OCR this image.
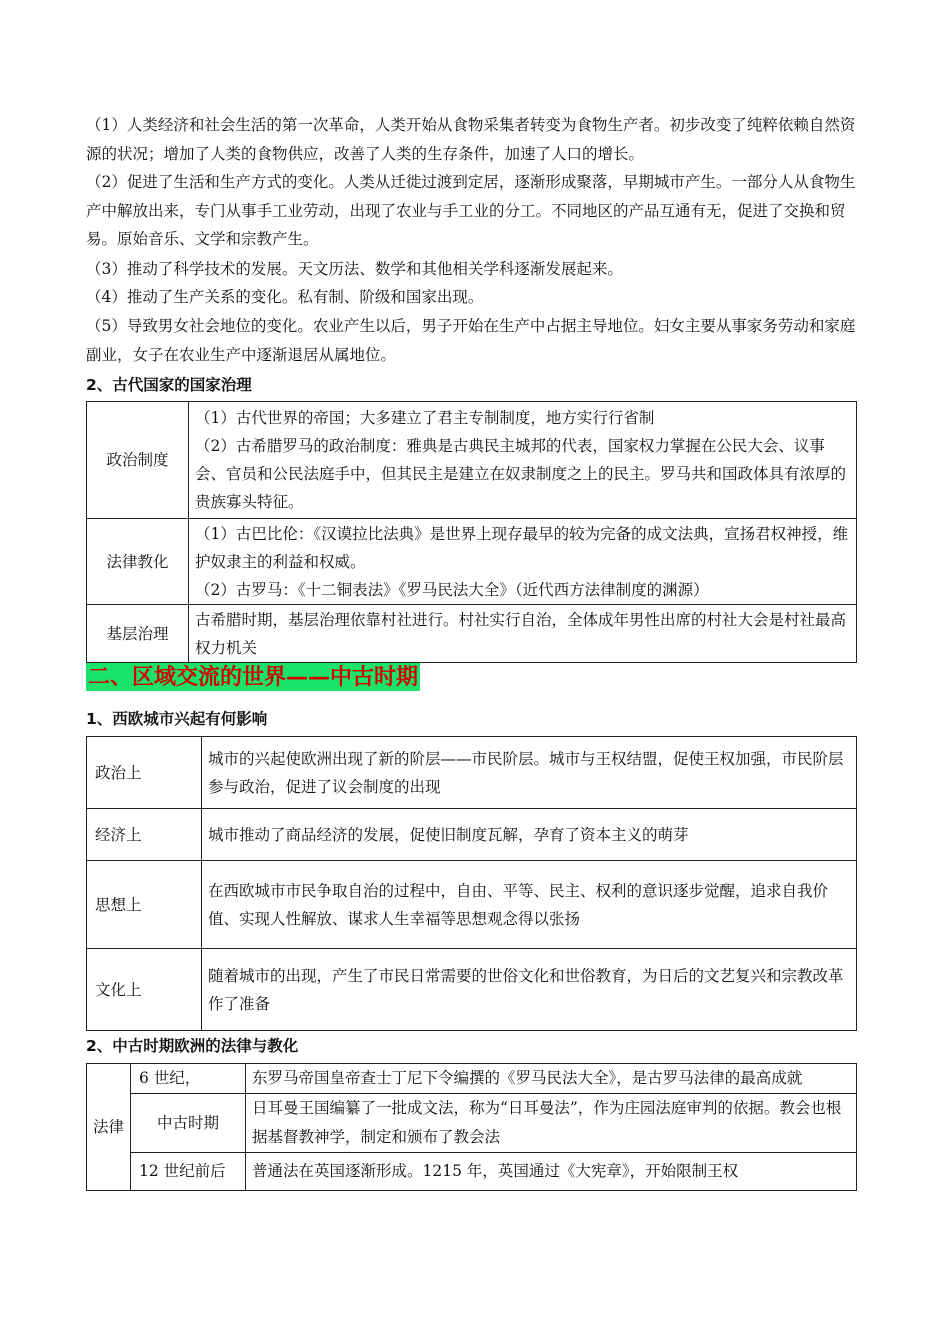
（1）人类经济和社会生活的第一次革命，人类开始从食物采集者转变为食物生产者。初步改变了纯粹依赖自然资源的状况；增加了人类的食物供应，改善了人类的生存条件，加速了人口的增长。

（2）促进了生活和生产方式的变化。人类从迁徙过渡到定居，逐渐形成聚落，早期城市产生。一部分人从食物生产中解放出来，专门从事手工业劳动，出现了农业与手工业的分工。不同地区的产品互通有无，促进了交换和贸易。原始音乐、文学和宗教产生。

（3）推动了科学技术的发展。天文历法、数学和其他相关学科逐渐发展起来。

（4）推动了生产关系的变化。私有制、阶级和国家出现。

（5）导致男女社会地位的变化。农业产生以后，男子开始在生产中占据主导地位。妇女主要从事家务劳动和家庭副业，女子在农业生产中逐渐退居从属地位。

2、古代国家的国家治理

政治制度	（1）古代世界的帝国；大多建立了君主专制制度，地方实行行省制
（2）古希腊罗马的政治制度：雅典是古典民主城邦的代表，国家权力掌握在公民大会、议事会、官员和公民法庭手中，但其民主是建立在奴隶制度之上的民主。罗马共和国政体具有浓厚的贵族寡头特征。

法律教化	（1）古巴比伦：《汉谟拉比法典》是世界上现存最早的较为完备的成文法典，宣扬君权神授，维护奴隶主的利益和权威。
（2）古罗马：《十二铜表法》《罗马民法大全》（近代西方法律制度的渊源）

基层治理	古希腊时期，基层治理依靠村社进行。村社实行自治，全体成年男性出席的村社大会是村社最高权力机关

二、区域交流的世界——中古时期

1、西欧城市兴起有何影响

政治上	城市的兴起使欧洲出现了新的阶层——市民阶层。城市与王权结盟，促使王权加强，市民阶层参与政治，促进了议会制度的出现
经济上	城市推动了商品经济的发展，促使旧制度瓦解，孕育了资本主义的萌芽
思想上	在西欧城市市民争取自治的过程中，自由、平等、民主、权利的意识逐步觉醒，追求自我价值、实现人性解放、谋求人生幸福等思想观念得以张扬
文化上	随着城市的出现，产生了市民日常需要的世俗文化和世俗教育，为日后的文艺复兴和宗教改革作了准备

2、中古时期欧洲的法律与教化

法律	6 世纪，	东罗马帝国皇帝查士丁尼下令编撰的《罗马民法大全》，是古罗马法律的最高成就
	中古时期	日耳曼王国编纂了一批成文法，称为“日耳曼法”，作为庄园法庭审判的依据。教会也根据基督教神学，制定和颁布了教会法
	12 世纪前后	普通法在英国逐渐形成。1215 年，英国通过《大宪章》，开始限制王权
